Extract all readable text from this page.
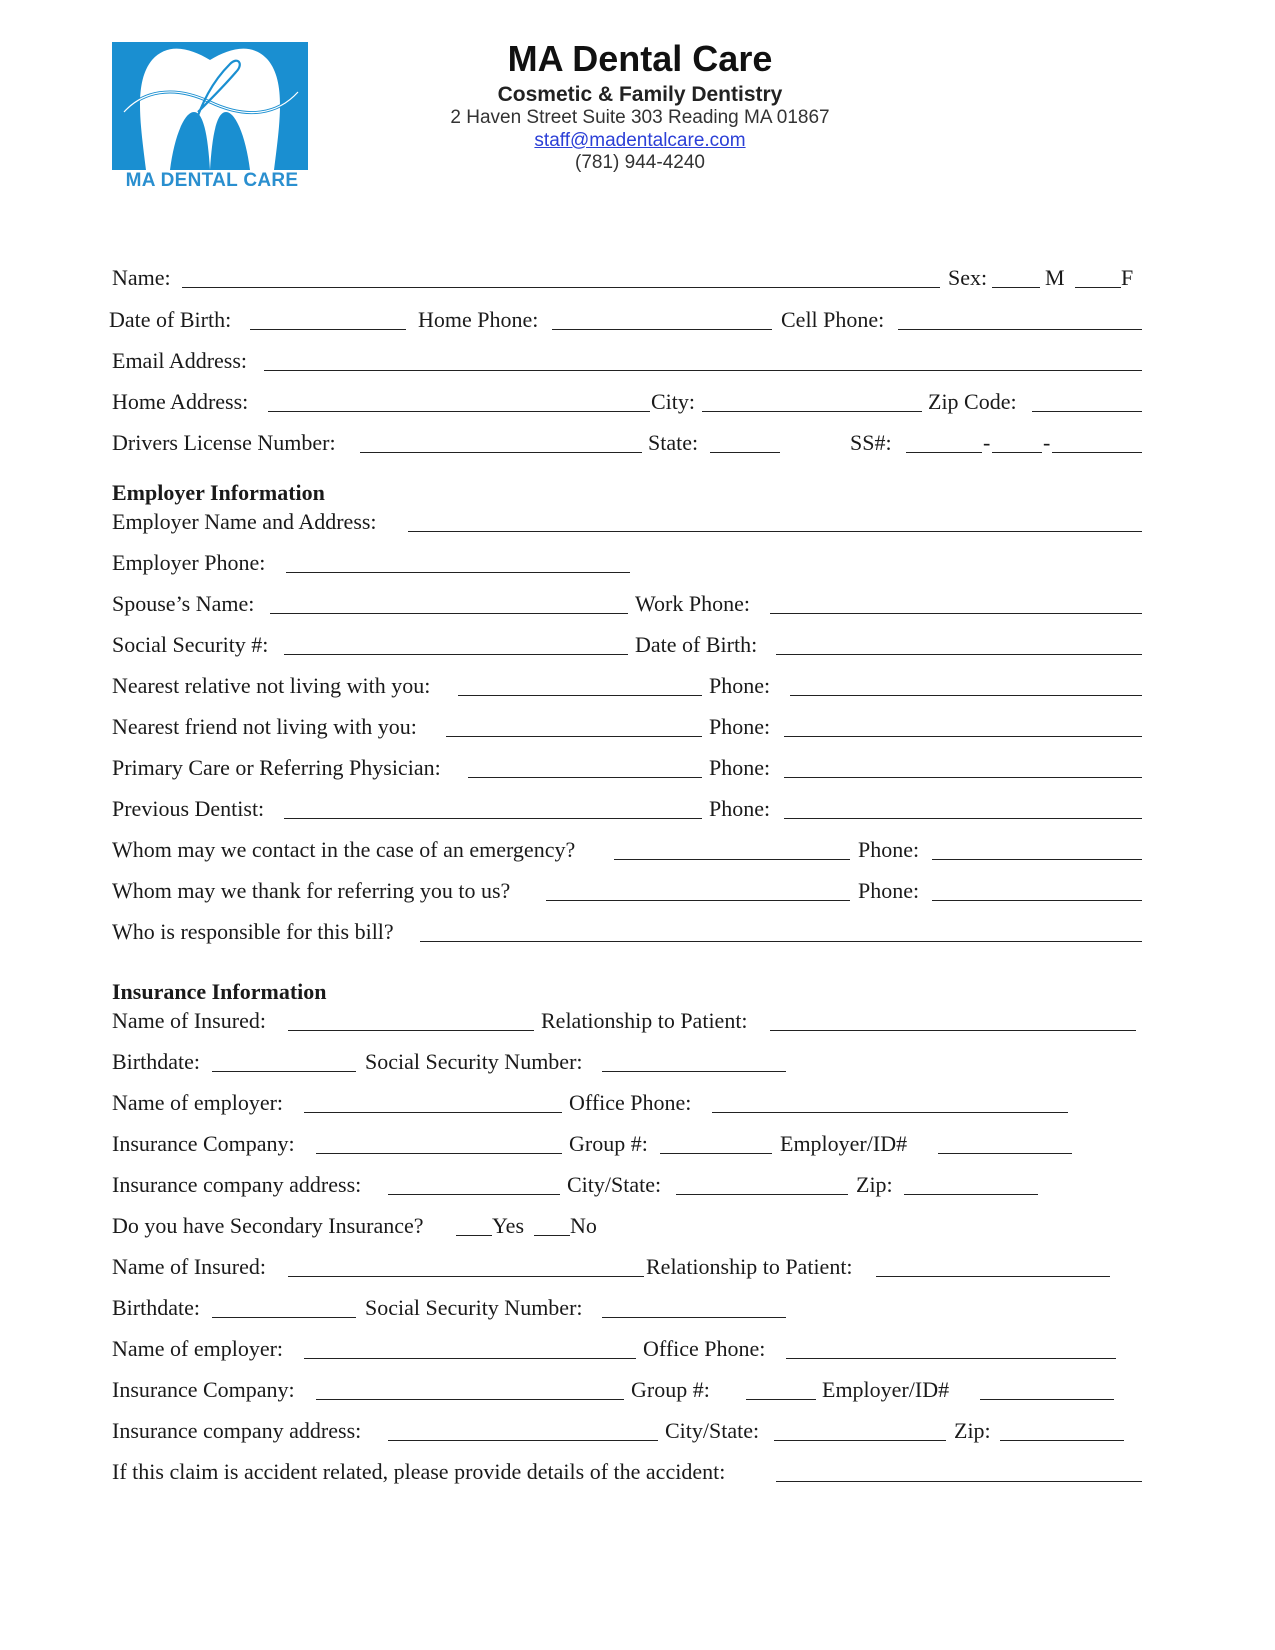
MA DENTAL CARE
MA Dental Care
Cosmetic & Family Dentistry
2 Haven Street Suite 303 Reading MA 01867
staff@madentalcare.com
(781) 944-4240
Name:	Sex:	M	F
Date of Birth:	Home Phone:	Cell Phone:
Email Address:
Home Address:	City:	Zip Code:
Drivers License Number:	State:	SS#:	- -
Employer Information
Employer Name and Address:
Employer Phone:
Spouse’s Name:	Work Phone:
Social Security #:	Date of Birth:
Nearest relative not living with you:	Phone:
Nearest friend not living with you:	Phone:
Primary Care or Referring Physician:	Phone:
Previous Dentist:	Phone:
Whom may we contact in the case of an emergency?	Phone:
Whom may we thank for referring you to us?	Phone:
Who is responsible for this bill?
Insurance Information
Name of Insured:	Relationship to Patient:
Birthdate:	Social Security Number:
Name of employer:	Office Phone:
Insurance Company:	Group #:	Employer/ID#
Insurance company address:	City/State:	Zip:
Do you have Secondary Insurance?	Yes No
Name of Insured:	Relationship to Patient:
Birthdate:	Social Security Number:
Name of employer:	Office Phone:
Insurance Company:	Group #:	Employer/ID#
Insurance company address:	City/State:	Zip:
If this claim is accident related, please provide details of the accident:
